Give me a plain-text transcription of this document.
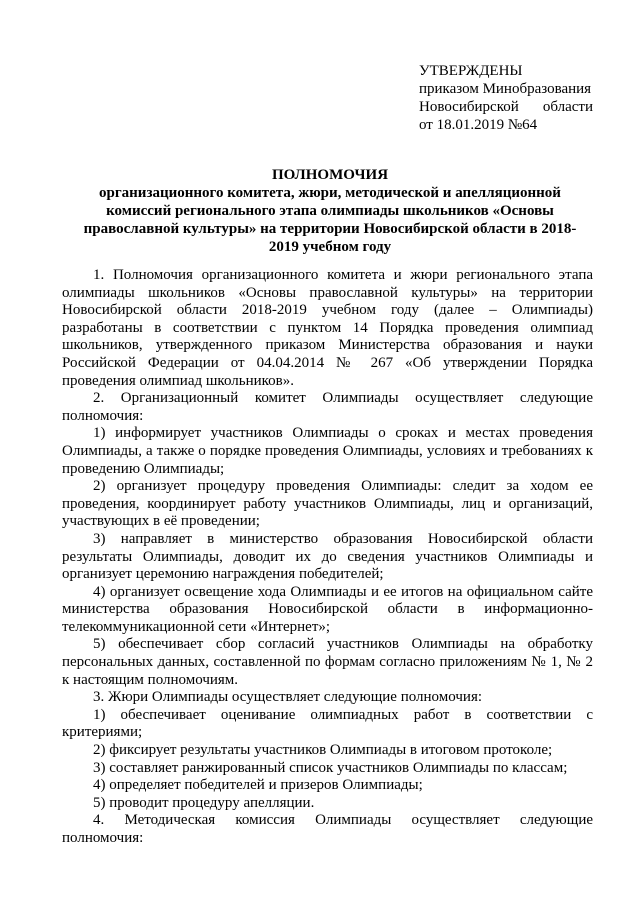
УТВЕРЖДЕНЫ
приказом Минобразования
Новосибирской области
от 18.01.2019 №64
ПОЛНОМОЧИЯ
организационного комитета, жюри, методической и апелляционной комиссий регионального этапа олимпиады школьников «Основы православной культуры» на территории Новосибирской области в 2018-2019 учебном году

1. Полномочия организационного комитета и жюри регионального этапа олимпиады школьников «Основы православной культуры» на территории Новосибирской области 2018-2019 учебном году (далее – Олимпиады) разработаны в соответствии с пунктом 14 Порядка проведения олимпиад школьников, утвержденного приказом Министерства образования и науки Российской Федерации от 04.04.2014 № 267 «Об утверждении Порядка проведения олимпиад школьников».

2. Организационный комитет Олимпиады осуществляет следующие полномочия:

1) информирует участников Олимпиады о сроках и местах проведения Олимпиады, а также о порядке проведения Олимпиады, условиях и требованиях к проведению Олимпиады;

2) организует процедуру проведения Олимпиады: следит за ходом ее проведения, координирует работу участников Олимпиады, лиц и организаций, участвующих в её проведении;

3) направляет в министерство образования Новосибирской области результаты Олимпиады, доводит их до сведения участников Олимпиады и организует церемонию награждения победителей;

4) организует освещение хода Олимпиады и ее итогов на официальном сайте министерства образования Новосибирской области в информационно-телекоммуникационной сети «Интернет»;

5) обеспечивает сбор согласий участников Олимпиады на обработку персональных данных, составленной по формам согласно приложениям № 1, № 2 к настоящим полномочиям.

3. Жюри Олимпиады осуществляет следующие полномочия:

1) обеспечивает оценивание олимпиадных работ в соответствии с критериями;

2) фиксирует результаты участников Олимпиады в итоговом протоколе;

3) составляет ранжированный список участников Олимпиады по классам;

4) определяет победителей и призеров Олимпиады;

5) проводит процедуру апелляции.

4. Методическая комиссия Олимпиады осуществляет следующие полномочия:
